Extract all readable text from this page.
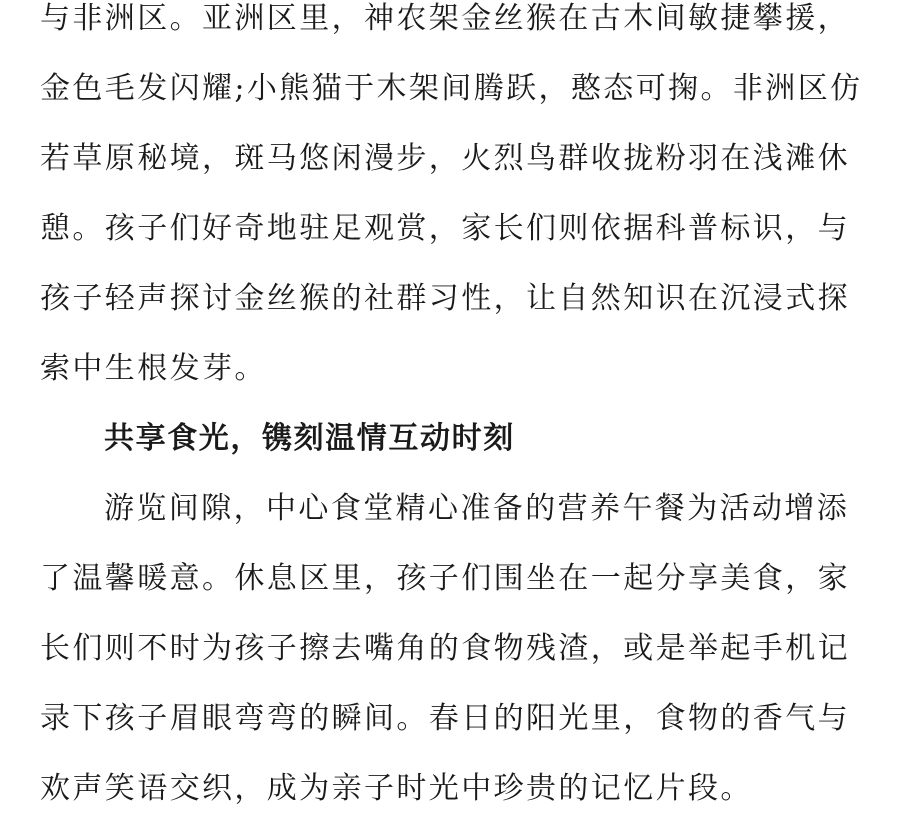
与非洲区。亚洲区里，神农架金丝猴在古木间敏捷攀援，
金色毛发闪耀;小熊猫于木架间腾跃，憨态可掬。非洲区仿
若草原秘境，斑马悠闲漫步，火烈鸟群收拢粉羽在浅滩休
憩。孩子们好奇地驻足观赏，家长们则依据科普标识，与
孩子轻声探讨金丝猴的社群习性，让自然知识在沉浸式探
索中生根发芽。
共享食光，镌刻温情互动时刻
游览间隙，中心食堂精心准备的营养午餐为活动增添
了温馨暖意。休息区里，孩子们围坐在一起分享美食，家
长们则不时为孩子擦去嘴角的食物残渣，或是举起手机记
录下孩子眉眼弯弯的瞬间。春日的阳光里，食物的香气与
欢声笑语交织，成为亲子时光中珍贵的记忆片段。
